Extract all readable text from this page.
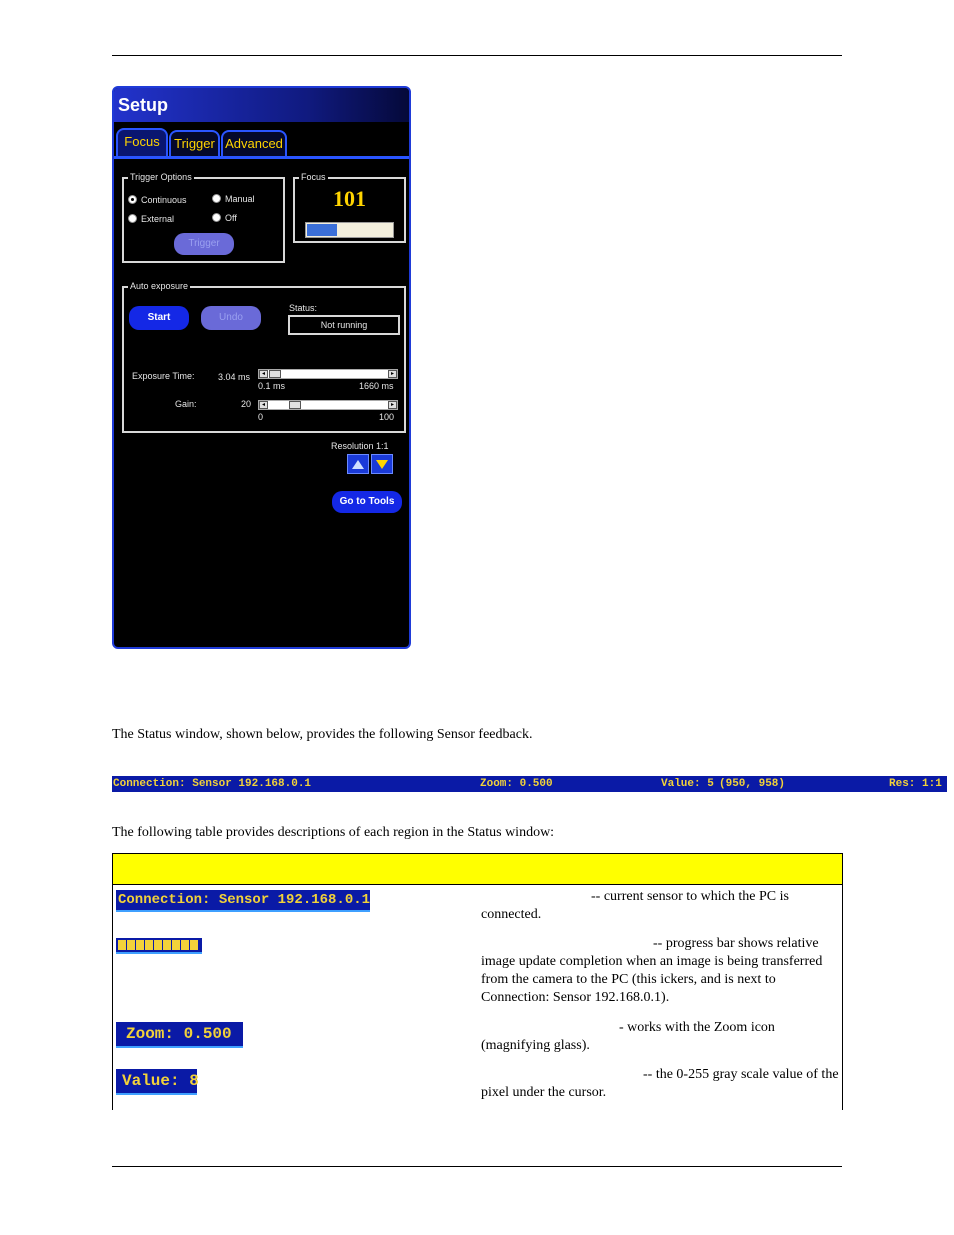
Setup
Focus	Trigger Advanced
Trigger Options
Continuous	Manual
External	Off
Trigger
Focus
101
Auto exposure
Start	Undo
Status:
Not running
Exposure Time:	3.04 ms	◂	▸
0.1 ms	1660 ms
Gain:	20	◂	▸
0	100
Resolution 1:1
Go to Tools
The Status window, shown below, provides the following Sensor feedback.
Connection: Sensor 192.168.0.1	Zoom: 0.500	Value: 5 (950, 958)	Res: 1:1
The following table provides descriptions of each region in the Status window:
Connection: Sensor 192.168.0.1	-- current sensor to which the PC is connected.
-- progress bar shows relative image update completion when an image is being transferred from the camera to the PC (this ickers, and is next to Connection: Sensor 192.168.0.1).
Zoom: 0.500	- works with the Zoom icon (magnifying glass).
Value: 8	-- the 0-255 gray scale value of the pixel under the cursor.
